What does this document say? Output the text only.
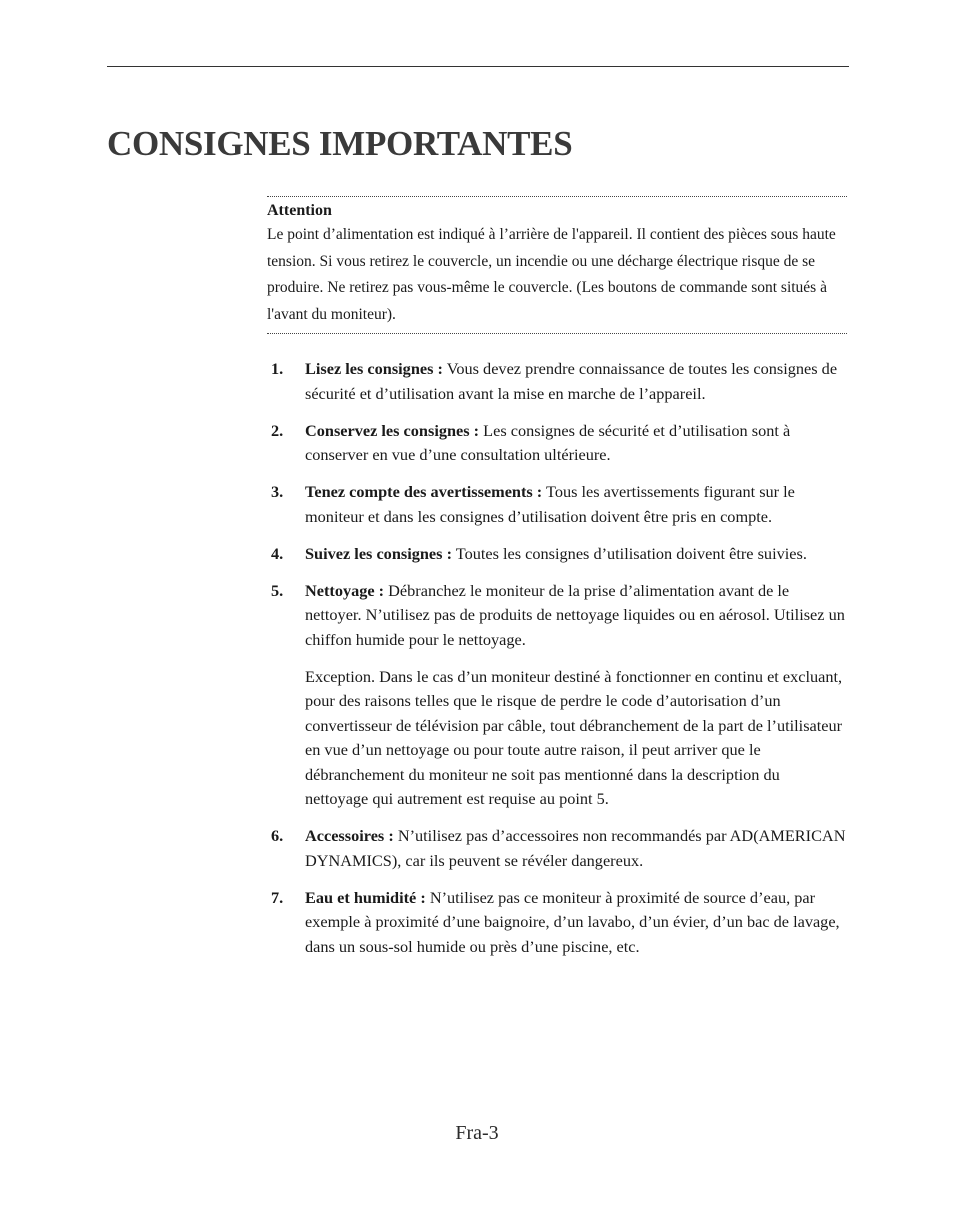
CONSIGNES IMPORTANTES
Attention
Le point d’alimentation est indiqué à l’arrière de l'appareil. Il contient des pièces sous haute tension. Si vous retirez le couvercle, un incendie ou une décharge électrique risque de se produire. Ne retirez pas vous-même le couvercle. (Les boutons de commande sont situés à l'avant du moniteur).
1.	Lisez les consignes : Vous devez prendre connaissance de toutes les consignes de sécurité et d’utilisation avant la mise en marche de l’appareil.
2.	Conservez les consignes : Les consignes de sécurité et d’utilisation sont à conserver en vue d’une consultation ultérieure.
3.	Tenez compte des avertissements : Tous les avertissements figurant sur le moniteur et dans les consignes d’utilisation doivent être pris en compte.
4.	Suivez les consignes : Toutes les consignes d’utilisation doivent être suivies.
5.	Nettoyage : Débranchez le moniteur de la prise d’alimentation avant de le nettoyer. N’utilisez pas de produits de nettoyage liquides ou en aérosol. Utilisez un chiffon humide pour le nettoyage.
Exception. Dans le cas d’un moniteur destiné à fonctionner en continu et excluant, pour des raisons telles que le risque de perdre le code d’autorisation d’un convertisseur de télévision par câble, tout débranchement de la part de l’utilisateur en vue d’un nettoyage ou pour toute autre raison, il peut arriver que le débranchement du moniteur ne soit pas mentionné dans la description du nettoyage qui autrement est requise au point 5.
6.	Accessoires : N’utilisez pas d’accessoires non recommandés par AD(AMERICAN DYNAMICS), car ils peuvent se révéler dangereux.
7.	Eau et humidité : N’utilisez pas ce moniteur à proximité de source d’eau, par exemple à proximité d’une baignoire, d’un lavabo, d’un évier, d’un bac de lavage, dans un sous-sol humide ou près d’une piscine, etc.
Fra-3
